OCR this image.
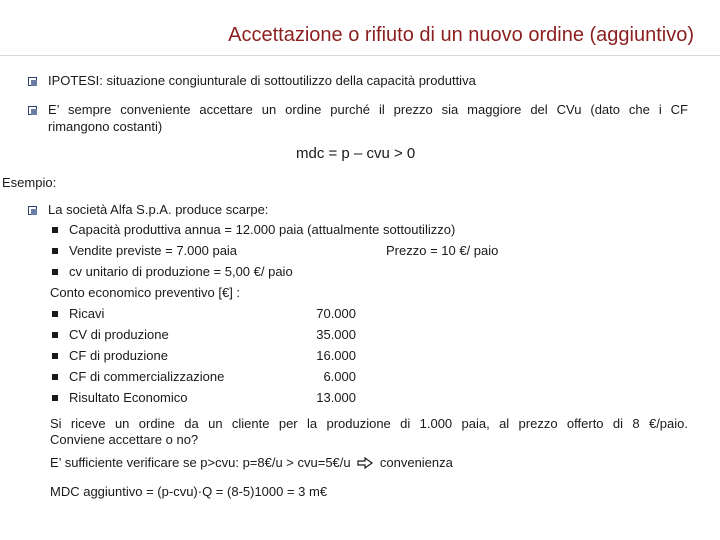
Accettazione o rifiuto di un nuovo ordine (aggiuntivo)
IPOTESI: situazione congiunturale di sottoutilizzo della capacità produttiva
E’ sempre conveniente accettare un ordine purché il prezzo sia maggiore del CVu (dato che i CF
rimangono costanti)
mdc = p – cvu > 0
Esempio:
La società Alfa S.p.A. produce scarpe:
Capacità produttiva annua = 12.000 paia (attualmente sottoutilizzo)
Vendite previste = 7.000 paia	Prezzo = 10 €/ paio
cv unitario di produzione = 5,00 €/ paio
Conto economico preventivo [€] :
Ricavi	70.000
CV di produzione	35.000
CF di produzione	16.000
CF di commercializzazione	6.000
Risultato Economico	13.000
Si riceve un ordine da un cliente per la produzione di 1.000 paia, al prezzo offerto di 8 €/paio.
Conviene accettare o no?
E’ sufficiente verificare se p>cvu: p=8€/u > cvu=5€/u convenienza
MDC aggiuntivo = (p-cvu)·Q = (8-5)1000 = 3 m€
